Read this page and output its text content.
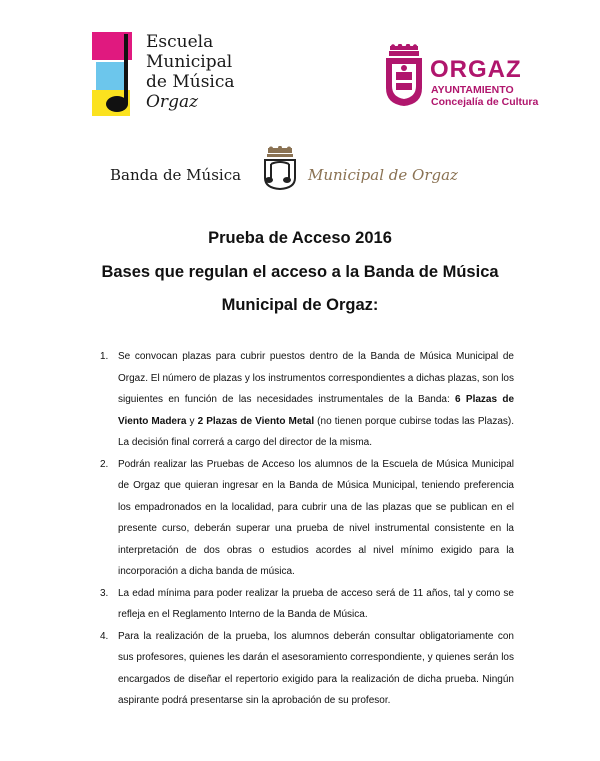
Escuela
Municipal
de Música
Orgaz
ORGAZ
AYUNTAMIENTO
Concejalía de Cultura
Banda de Música	Municipal de Orgaz
Prueba de Acceso 2016
Bases que regulan el acceso a la Banda de Música
Municipal de Orgaz:
1. Se convocan plazas para cubrir puestos dentro de la Banda de Música Municipal de Orgaz. El número de plazas y los instrumentos correspondientes a dichas plazas, son los siguientes en función de las necesidades instrumentales de la Banda: 6 Plazas de Viento Madera y 2 Plazas de Viento Metal (no tienen porque cubirse todas las Plazas). La decisión final correrá a cargo del director de la misma.
2. Podrán realizar las Pruebas de Acceso los alumnos de la Escuela de Música Municipal de Orgaz que quieran ingresar en la Banda de Música Municipal, teniendo preferencia los empadronados en la localidad, para cubrir una de las plazas que se publican en el presente curso, deberán superar una prueba de nivel instrumental consistente en la interpretación de dos obras o estudios acordes al nivel mínimo exigido para la incorporación a dicha banda de música.
3. La edad mínima para poder realizar la prueba de acceso será de 11 años, tal y como se refleja en el Reglamento Interno de la Banda de Música.
4. Para la realización de la prueba, los alumnos deberán consultar obligatoriamente con sus profesores, quienes les darán el asesoramiento correspondiente, y quienes serán los encargados de diseñar el repertorio exigido para la realización de dicha prueba. Ningún aspirante podrá presentarse sin la aprobación de su profesor.
